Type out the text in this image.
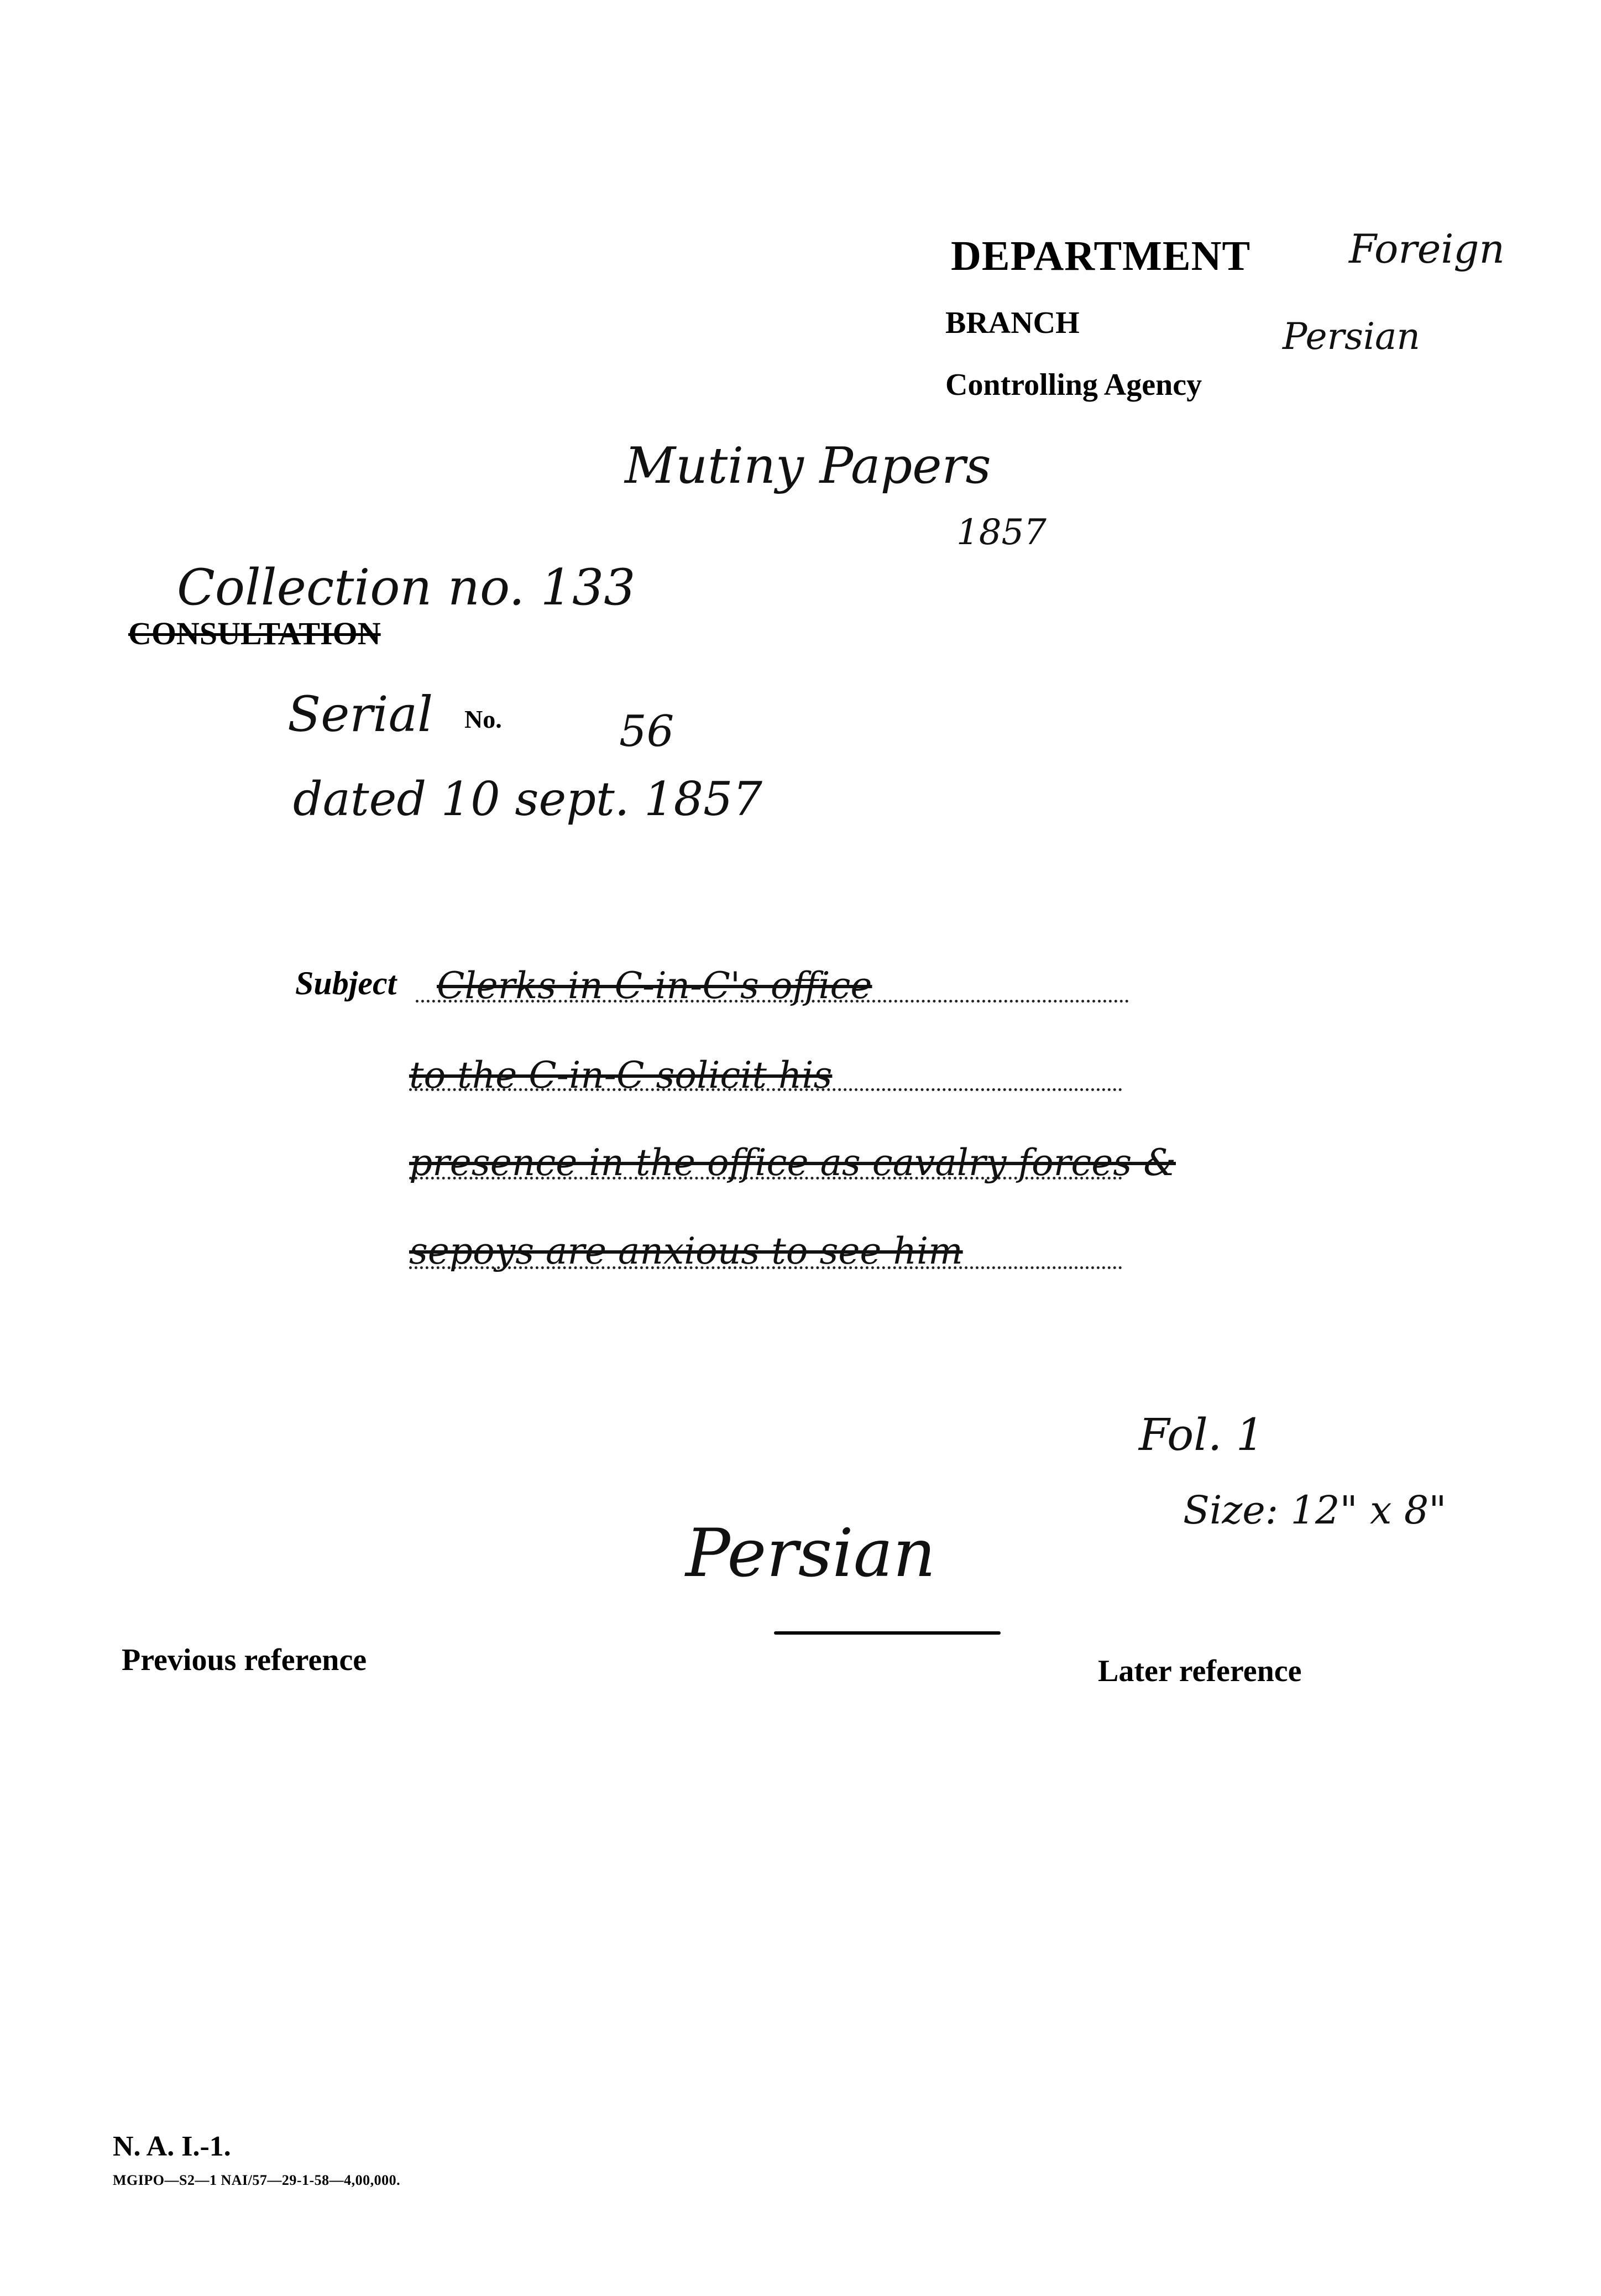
DEPARTMENT Foreign
BRANCH	Persian
Controlling Agency
Mutiny Papers
1857
Collection no. 133
CONSULTATION
Serial No.	56
dated 10 sept. 1857
Subject Clerks in C-in-C's office
to the C-in-C solicit his
presence in the office as cavalry forces &
sepoys are anxious to see him
Fol. 1
Size: 12" x 8"
Persian
Previous reference	Later reference
N. A. I.-1.
MGIPO—S2—1 NAI/57—29-1-58—4,00,000.
